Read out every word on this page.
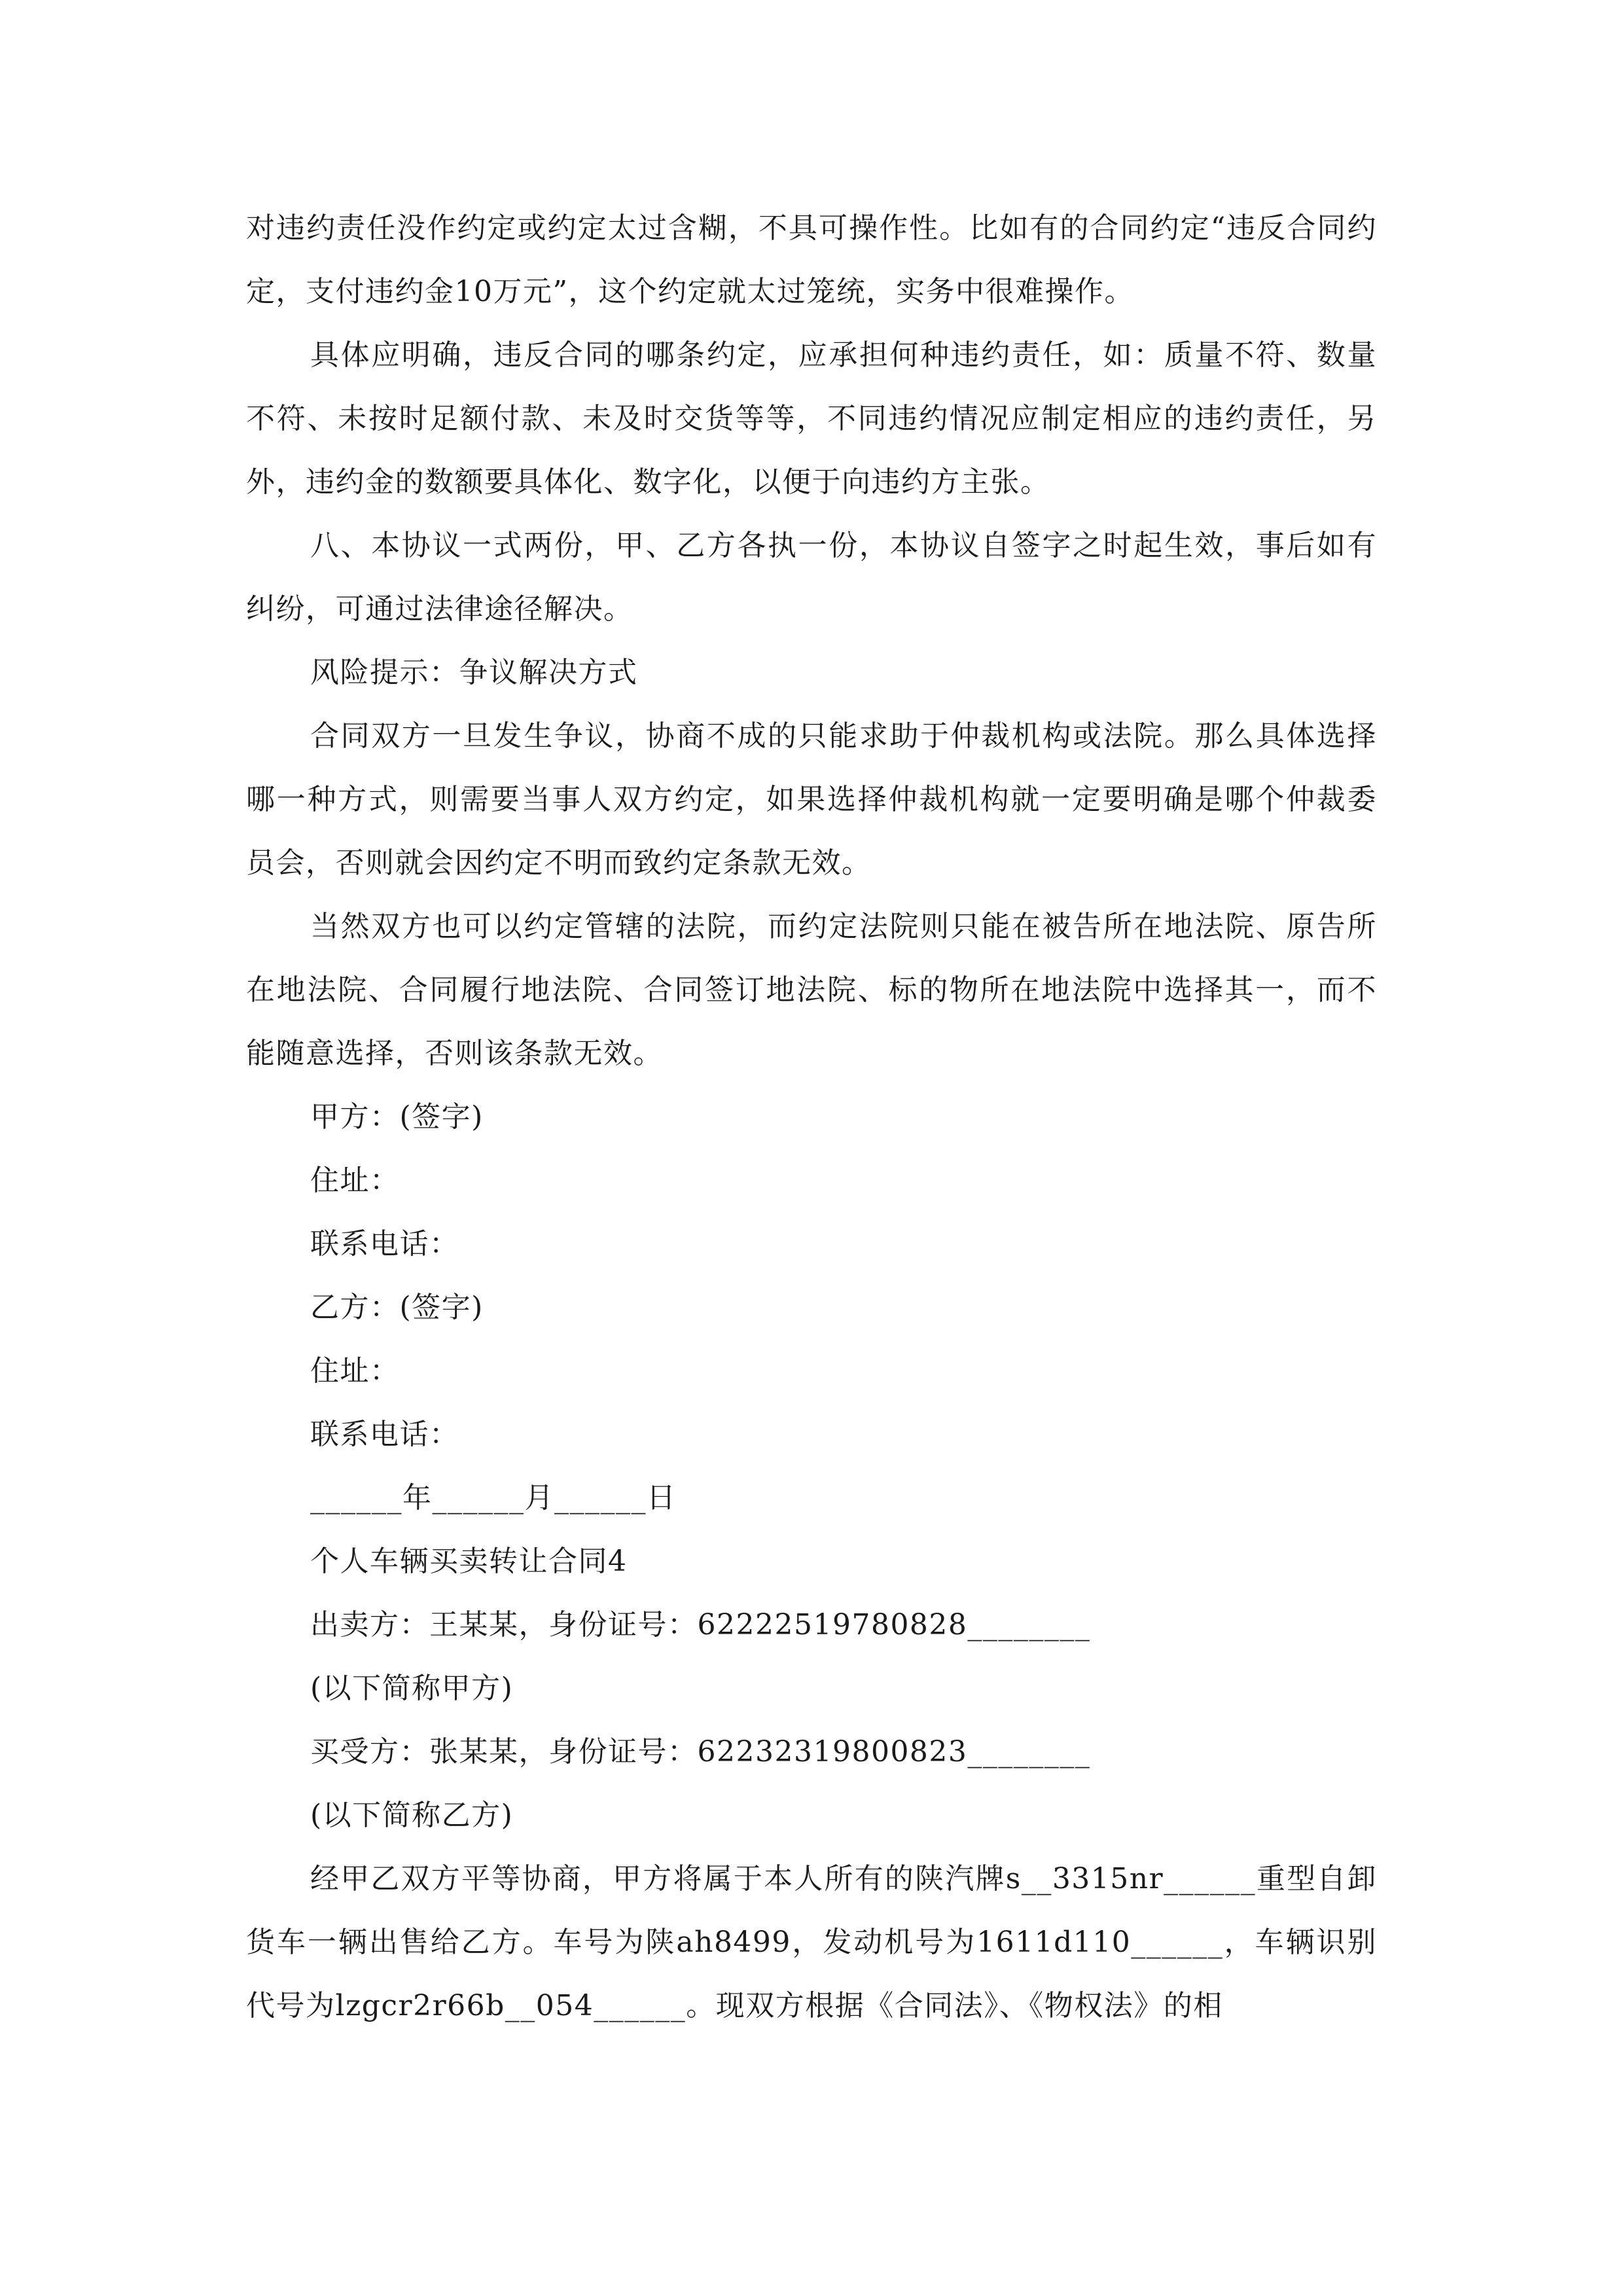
对违约责任没作约定或约定太过含糊，不具可操作性。比如有的合同约定“违反合同约定，支付违约金10万元”，这个约定就太过笼统，实务中很难操作。

具体应明确，违反合同的哪条约定，应承担何种违约责任，如：质量不符、数量不符、未按时足额付款、未及时交货等等，不同违约情况应制定相应的违约责任，另外，违约金的数额要具体化、数字化，以便于向违约方主张。

八、本协议一式两份，甲、乙方各执一份，本协议自签字之时起生效，事后如有纠纷，可通过法律途径解决。

风险提示：争议解决方式

合同双方一旦发生争议，协商不成的只能求助于仲裁机构或法院。那么具体选择哪一种方式，则需要当事人双方约定，如果选择仲裁机构就一定要明确是哪个仲裁委员会，否则就会因约定不明而致约定条款无效。

当然双方也可以约定管辖的法院，而约定法院则只能在被告所在地法院、原告所在地法院、合同履行地法院、合同签订地法院、标的物所在地法院中选择其一，而不能随意选择，否则该条款无效。

甲方：(签字)

住址：

联系电话：

乙方：(签字)

住址：

联系电话：

______年______月______日

个人车辆买卖转让合同4

出卖方：王某某，身份证号：62222519780828________

(以下简称甲方)

买受方：张某某，身份证号：62232319800823________

(以下简称乙方)

经甲乙双方平等协商，甲方将属于本人所有的陕汽牌s__3315nr______重型自卸货车一辆出售给乙方。车号为陕ah8499，发动机号为1611d110______，车辆识别代号为lzgcr2r66b__054______。现双方根据《合同法》、《物权法》的相
